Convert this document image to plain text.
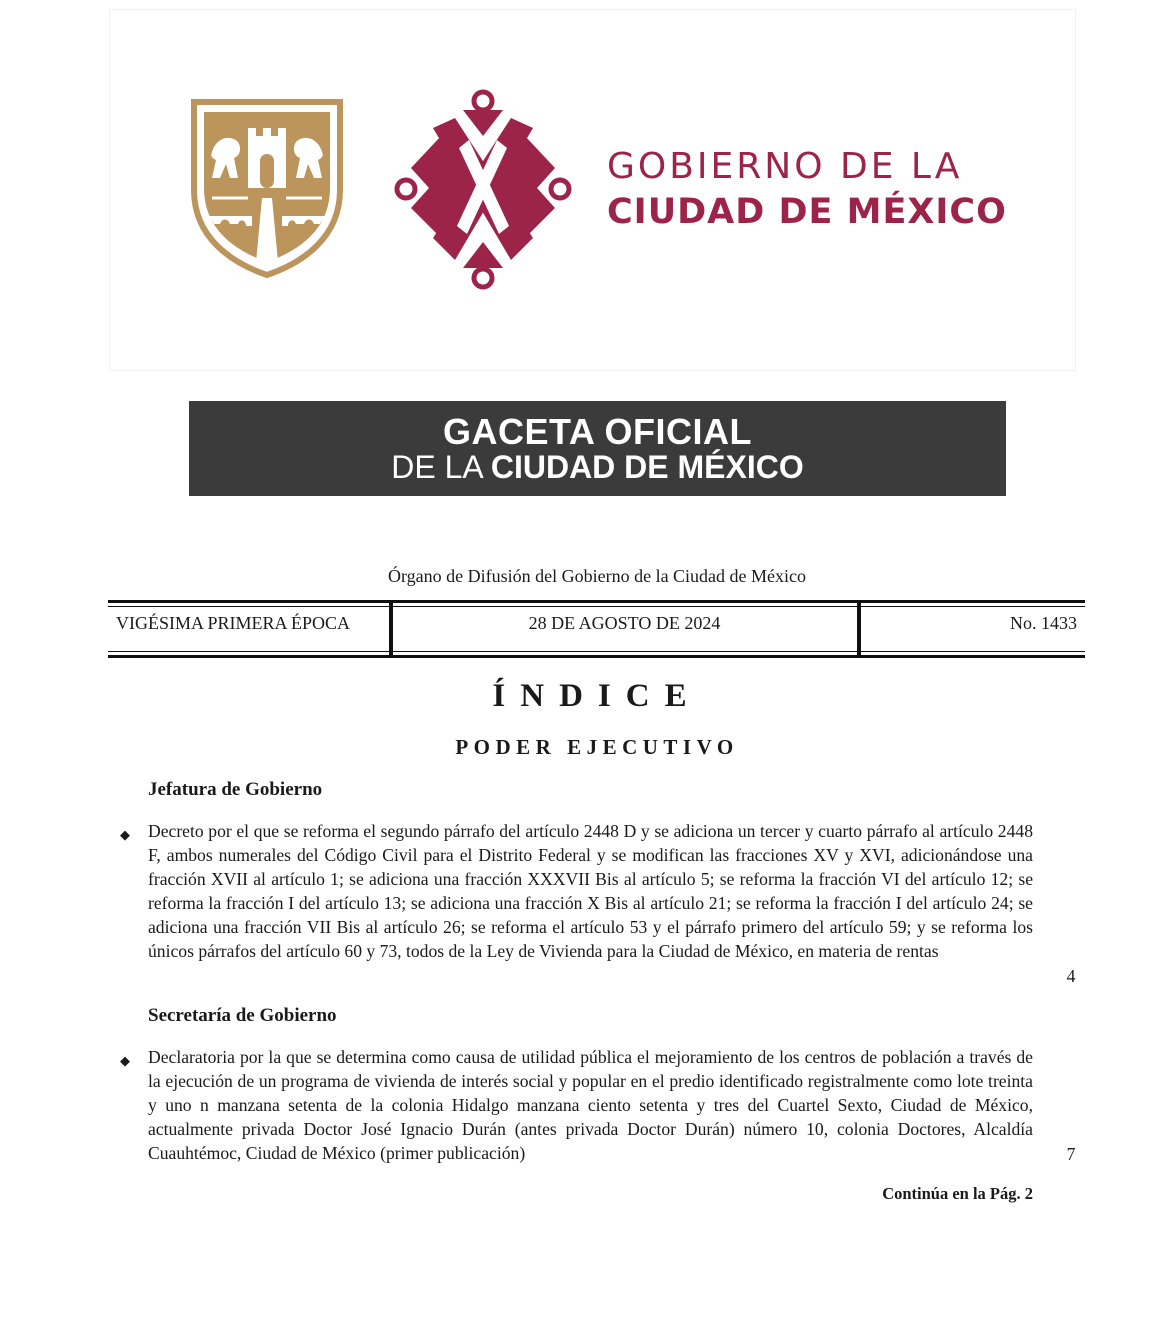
GOBIERNO DE LA
CIUDAD DE MÉXICO
GACETA OFICIAL
DE LA CIUDAD DE MÉXICO
Órgano de Difusión del Gobierno de la Ciudad de México
VIGÉSIMA PRIMERA ÉPOCA	28 DE AGOSTO DE 2024	No. 1433
ÍNDICE
PODER EJECUTIVO
Jefatura de Gobierno
◆ Decreto por el que se reforma el segundo párrafo del artículo 2448 D y se adiciona un tercer y cuarto párrafo al artículo 2448 F, ambos numerales del Código Civil para el Distrito Federal y se modifican las fracciones XV y XVI, adicionándose una fracción XVII al artículo 1; se adiciona una fracción XXXVII Bis al artículo 5; se reforma la fracción VI del artículo 12; se reforma la fracción I del artículo 13; se adiciona una fracción X Bis al artículo 21; se reforma la fracción I del artículo 24; se adiciona una fracción VII Bis al artículo 26; se reforma el artículo 53 y el párrafo primero del artículo 59; y se reforma los únicos párrafos del artículo 60 y 73, todos de la Ley de Vivienda para la Ciudad de México, en materia de rentas
4
Secretaría de Gobierno
◆ Declaratoria por la que se determina como causa de utilidad pública el mejoramiento de los centros de población a través de la ejecución de un programa de vivienda de interés social y popular en el predio identificado registralmente como lote treinta y uno n manzana setenta de la colonia Hidalgo manzana ciento setenta y tres del Cuartel Sexto, Ciudad de México, actualmente privada Doctor José Ignacio Durán (antes privada Doctor Durán) número 10, colonia Doctores, Alcaldía Cuauhtémoc, Ciudad de México (primer publicación)	7
Continúa en la Pág. 2
